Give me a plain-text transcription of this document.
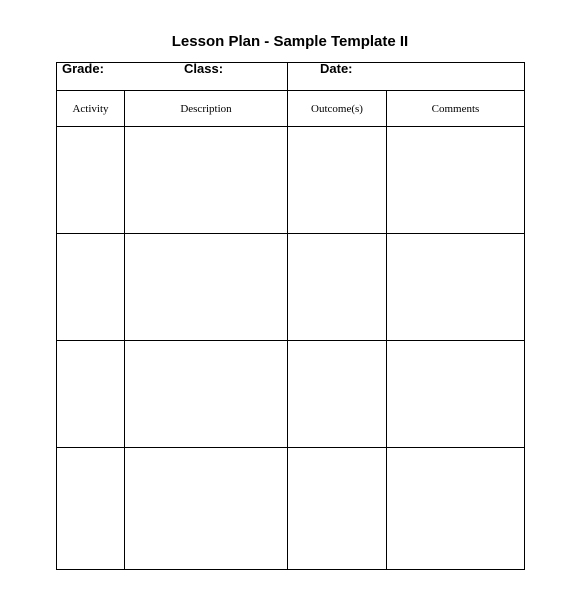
Lesson Plan - Sample Template II
Grade:	Class:	Date:
Activity	Description	Outcome(s)	Comments
